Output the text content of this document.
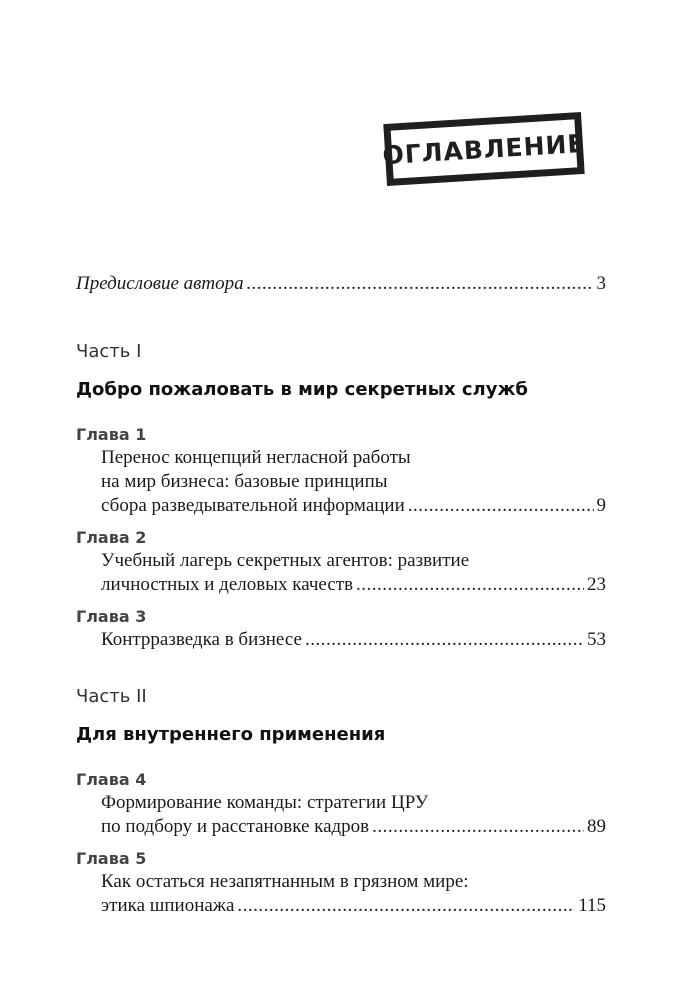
ОГЛАВЛЕНИЕ
Предисловие автора .....	3
Часть I
Добро пожаловать в мир секретных служб
Глава 1
Перенос концепций негласной работы
на мир бизнеса: базовые принципы
сбора разведывательной информации .....	9
Глава 2
Учебный лагерь секретных агентов: развитие
личностных и деловых качеств .....	23
Глава 3
Контрразведка в бизнесе .....	53
Часть II
Для внутреннего применения
Глава 4
Формирование команды: стратегии ЦРУ
по подбору и расстановке кадров .....	89
Глава 5
Как остаться незапятнанным в грязном мире:
этика шпионажа .....	115
